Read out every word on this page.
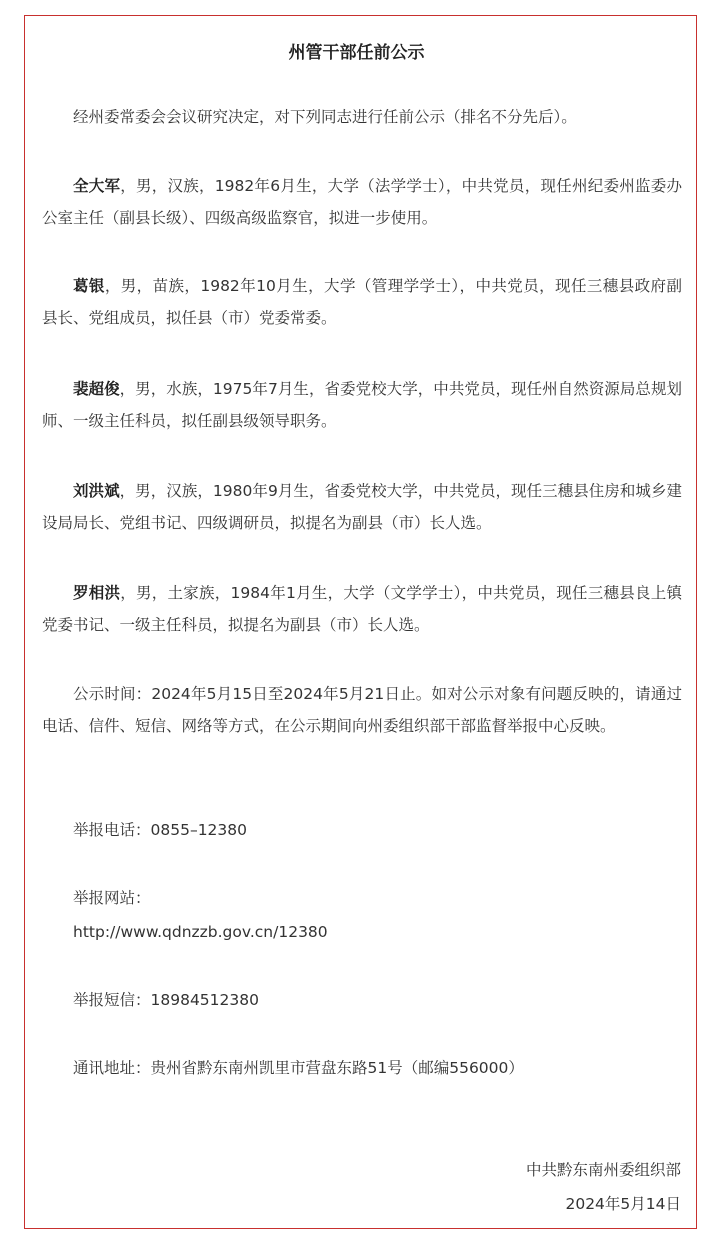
州管干部任前公示

经州委常委会会议研究决定，对下列同志进行任前公示（排名不分先后）。

全大军，男，汉族，1982年6月生，大学（法学学士），中共党员，现任州纪委州监委办公室主任（副县长级）、四级高级监察官，拟进一步使用。

葛银，男，苗族，1982年10月生，大学（管理学学士），中共党员，现任三穗县政府副县长、党组成员，拟任县（市）党委常委。

裴超俊，男，水族，1975年7月生，省委党校大学，中共党员，现任州自然资源局总规划师、一级主任科员，拟任副县级领导职务。

刘洪斌，男，汉族，1980年9月生，省委党校大学，中共党员，现任三穗县住房和城乡建设局局长、党组书记、四级调研员，拟提名为副县（市）长人选。

罗相洪，男，土家族，1984年1月生，大学（文学学士），中共党员，现任三穗县良上镇党委书记、一级主任科员，拟提名为副县（市）长人选。

公示时间：2024年5月15日至2024年5月21日止。如对公示对象有问题反映的，请通过电话、信件、短信、网络等方式，在公示期间向州委组织部干部监督举报中心反映。

举报电话：0855–12380

举报网站：

http://www.qdnzzb.gov.cn/12380

举报短信：18984512380

通讯地址：贵州省黔东南州凯里市营盘东路51号（邮编556000）

中共黔东南州委组织部
2024年5月14日
